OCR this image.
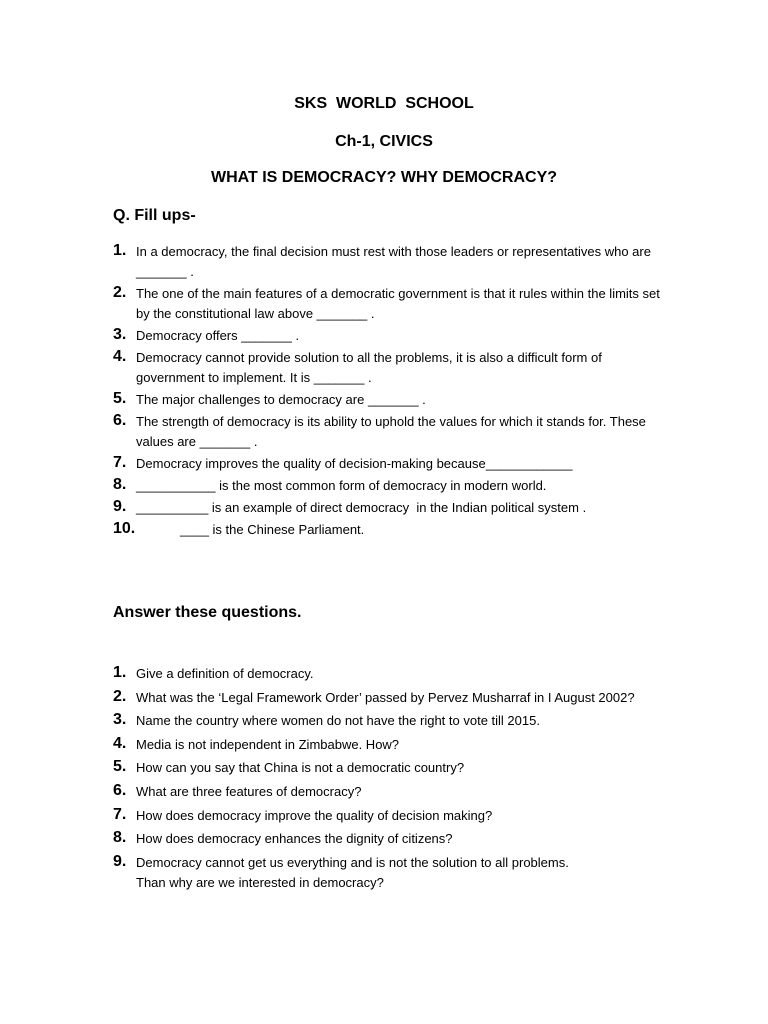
SKS  WORLD  SCHOOL
Ch-1, CIVICS
WHAT IS DEMOCRACY? WHY DEMOCRACY?
Q. Fill ups-
1. In a democracy, the final decision must rest with those leaders or representatives who are _______ .
2. The one of the main features of a democratic government is that it rules within the limits set by the constitutional law above _______ .
3. Democracy offers _______ .
4. Democracy cannot provide solution to all the problems, it is also a difficult form of government to implement. It is _______ .
5. The major challenges to democracy are _______ .
6. The strength of democracy is its ability to uphold the values for which it stands for. These values are _______ .
7. Democracy improves the quality of decision-making because____________
8. ___________ is the most common form of democracy in modern world.
9. __________ is an example of direct democracy  in the Indian political system .
10.	____ is the Chinese Parliament.
Answer these questions.
1. Give a definition of democracy.
2. What was the ‘Legal Framework Order’ passed by Pervez Musharraf in I August 2002?
3. Name the country where women do not have the right to vote till 2015.
4. Media is not independent in Zimbabwe. How?
5. How can you say that China is not a democratic country?
6. What are three features of democracy?
7. How does democracy improve the quality of decision making?
8. How does democracy enhances the dignity of citizens?
9. Democracy cannot get us everything and is not the solution to all problems.
Than why are we interested in democracy?
